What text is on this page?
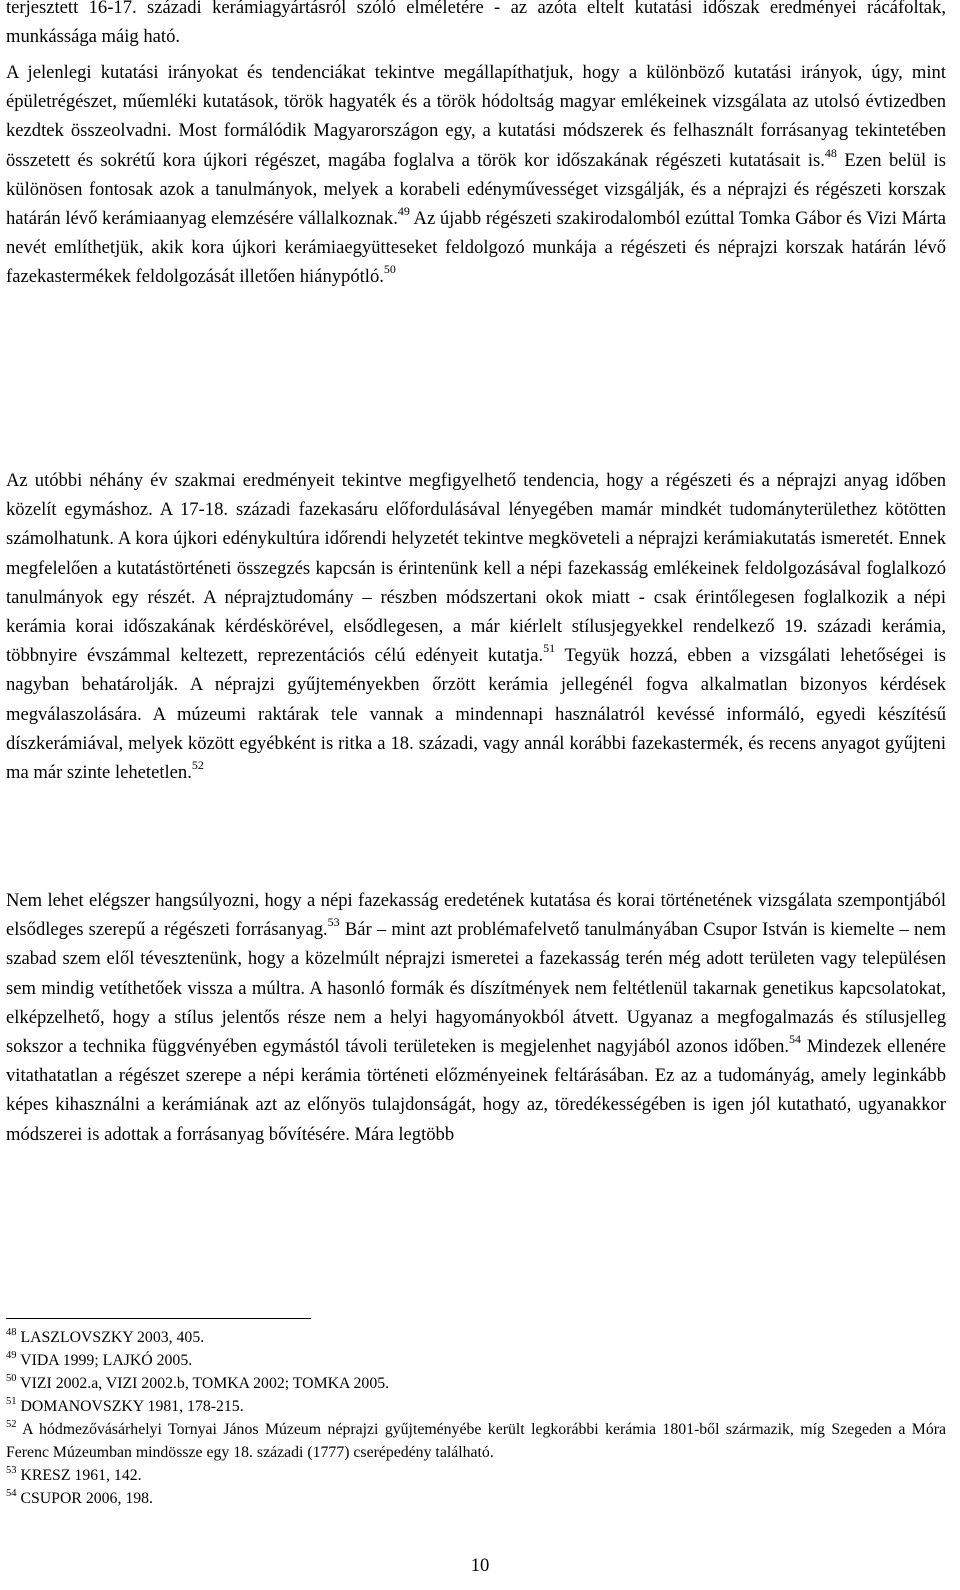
terjesztett 16-17. századi kerámiagyártásról szóló elméletére - az azóta eltelt kutatási időszak eredményei rácáfoltak, munkássága máig ható.
A jelenlegi kutatási irányokat és tendenciákat tekintve megállapíthatjuk, hogy a különböző kutatási irányok, úgy, mint épületrégészet, műemléki kutatások, török hagyaték és a török hódoltság magyar emlékeinek vizsgálata az utolsó évtizedben kezdtek összeolvadni. Most formálódik Magyarországon egy, a kutatási módszerek és felhasznált forrásanyag tekintetében összetett és sokrétű kora újkori régészet, magába foglalva a török kor időszakának régészeti kutatásait is.$^{48}$ Ezen belül is különösen fontosak azok a tanulmányok, melyek a korabeli edényművességet vizsgálják, és a néprajzi és régészeti korszak határán lévő kerámiaanyag elemzésére vállalkoznak.$^{49}$ Az újabb régészeti szakirodalomból ezúttal Tomka Gábor és Vizi Márta nevét említhetjük, akik kora újkori kerámiaegyütteseket feldolgozó munkája a régészeti és néprajzi korszak határán lévő fazekastermékek feldolgozását illetően hiánypótló.$^{50}$
Az utóbbi néhány év szakmai eredményeit tekintve megfigyelhető tendencia, hogy a régészeti és a néprajzi anyag időben közelít egymáshoz. A 17-18. századi fazekasáru előfordulásával lényegében mamár mindkét tudományterülethez kötötten számolhatunk. A kora újkori edénykultúra időrendi helyzetét tekintve megköveteli a néprajzi kerámiakutatás ismeretét. Ennek megfelelően a kutatástörténeti összegzés kapcsán is érintenünk kell a népi fazekasság emlékeinek feldolgozásával foglalkozó tanulmányok egy részét. A néprajztudomány – részben módszertani okok miatt - csak érintőlegesen foglalkozik a népi kerámia korai időszakának kérdéskörével, elsődlegesen, a már kiérlelt stílusjegyekkel rendelkező 19. századi kerámia, többnyire évszámmal keltezett, reprezentációs célú edényeit kutatja.$^{51}$ Tegyük hozzá, ebben a vizsgálati lehetőségei is nagyban behatárolják. A néprajzi gyűjteményekben őrzött kerámia jellegénél fogva alkalmatlan bizonyos kérdések megválaszolására. A múzeumi raktárak tele vannak a mindennapi használatról kevéssé informáló, egyedi készítésű díszkerámiával, melyek között egyébként is ritka a 18. századi, vagy annál korábbi fazekastermék, és recens anyagot gyűjteni ma már szinte lehetetlen.$^{52}$
Nem lehet elégszer hangsúlyozni, hogy a népi fazekasság eredetének kutatása és korai történetének vizsgálata szempontjából elsődleges szerepű a régészeti forrásanyag.$^{53}$ Bár – mint azt problémafelvető tanulmányában Csupor István is kiemelte – nem szabad szem elől tévesztenünk, hogy a közelmúlt néprajzi ismeretei a fazekasság terén még adott területen vagy településen sem mindig vetíthetőek vissza a múltra. A hasonló formák és díszítmények nem feltétlenül takarnak genetikus kapcsolatokat, elképzelhető, hogy a stílus jelentős része nem a helyi hagyományokból átvett. Ugyanaz a megfogalmazás és stílusjelleg sokszor a technika függvényében egymástól távoli területeken is megjelenhet nagyjából azonos időben.$^{54}$ Mindezek ellenére vitathatatlan a régészet szerepe a népi kerámia történeti előzményeinek feltárásában. Ez az a tudományág, amely leginkább képes kihasználni a kerámiának azt az előnyös tulajdonságát, hogy az, töredékességében is igen jól kutatható, ugyanakkor módszerei is adottak a forrásanyag bővítésére. Mára legtöbb

$^{48}$ LASZLOVSZKY 2003, 405.

$^{49}$ VIDA 1999; LAJKÓ 2005.

$^{50}$ VIZI 2002.a, VIZI 2002.b, TOMKA 2002; TOMKA 2005.

$^{51}$ DOMANOVSZKY 1981, 178-215.

$^{52}$ A hódmezővásárhelyi Tornyai János Múzeum néprajzi gyűjteményébe került legkorábbi kerámia 1801-ből származik, míg Szegeden a Móra Ferenc Múzeumban mindössze egy 18. századi (1777) cserépedény található.

$^{53}$ KRESZ 1961, 142.

$^{54}$ CSUPOR 2006, 198.

10
